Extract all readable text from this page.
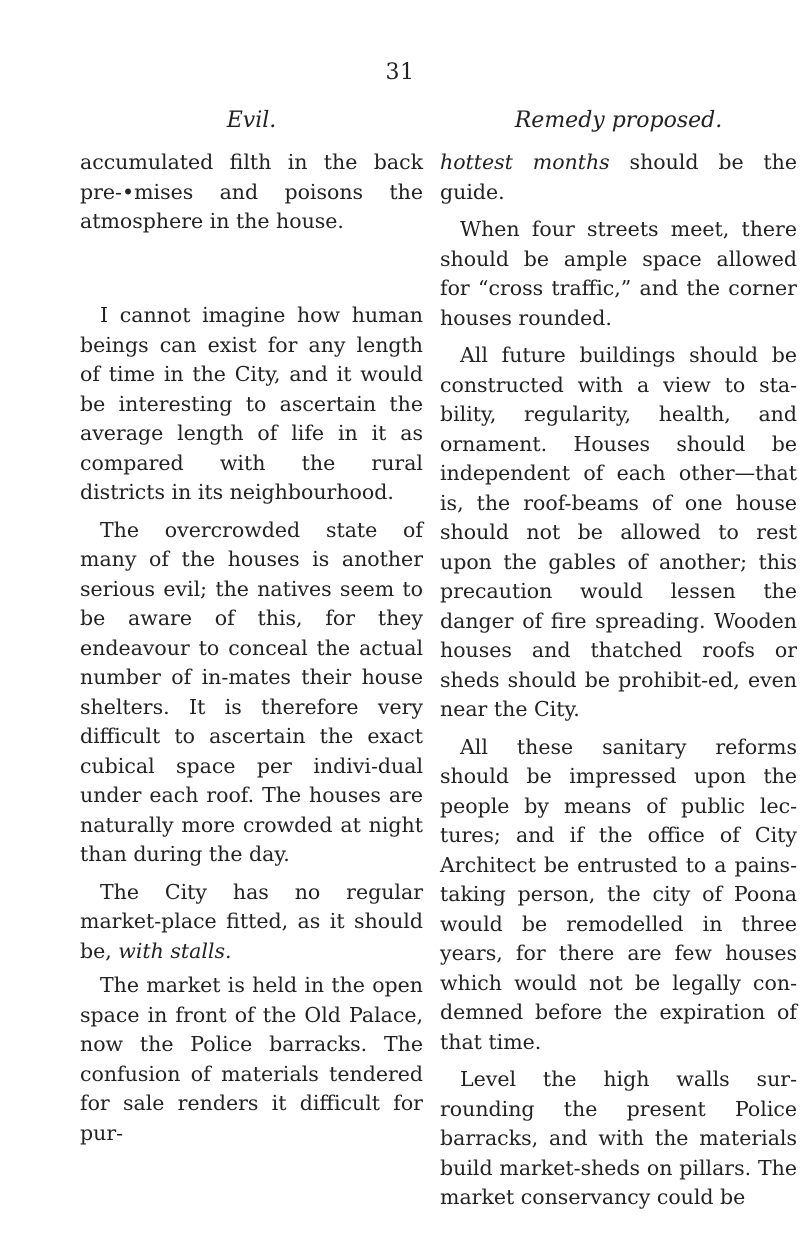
31
Evil.	Remedy proposed.

accumulated filth in the back pre-•mises and poisons the atmosphere in the house.

I cannot imagine how human beings can exist for any length of time in the City, and it would be interesting to ascertain the average length of life in it as compared with the rural districts in its neighbourhood.

The overcrowded state of many of the houses is another serious evil; the natives seem to be aware of this, for they endeavour to conceal the actual number of in-mates their house shelters. It is therefore very difficult to ascertain the exact cubical space per indivi-dual under each roof. The houses are naturally more crowded at night than during the day.

The City has no regular market-place fitted, as it should be, with stalls.

The market is held in the open space in front of the Old Palace, now the Police barracks. The confusion of materials tendered for sale renders it difficult for pur-

hottest months should be the guide.

When four streets meet, there should be ample space allowed for “cross traffic,” and the corner houses rounded.

All future buildings should be constructed with a view to sta-bility, regularity, health, and ornament. Houses should be independent of each other—that is, the roof-beams of one house should not be allowed to rest upon the gables of another; this precaution would lessen the danger of fire spreading. Wooden houses and thatched roofs or sheds should be prohibit-ed, even near the City.

All these sanitary reforms should be impressed upon the people by means of public lec-tures; and if the office of City Architect be entrusted to a pains-taking person, the city of Poona would be remodelled in three years, for there are few houses which would not be legally con-demned before the expiration of that time.

Level the high walls sur-rounding the present Police barracks, and with the materials build market-sheds on pillars. The market conservancy could be
